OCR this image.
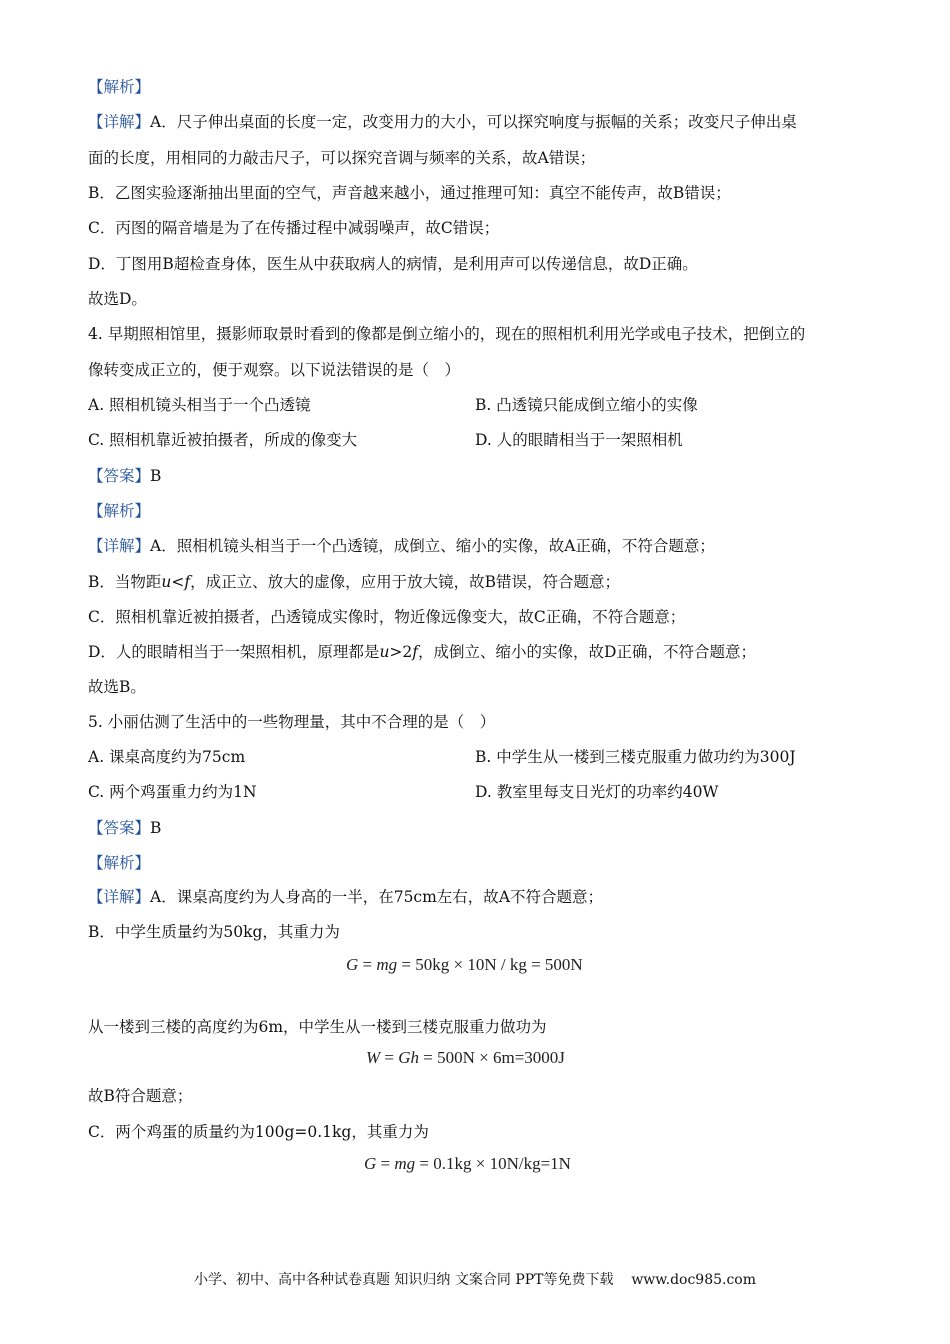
【解析】
【详解】A．尺子伸出桌面的长度一定，改变用力的大小，可以探究响度与振幅的关系；改变尺子伸出桌
面的长度，用相同的力敲击尺子，可以探究音调与频率的关系，故A错误；
B．乙图实验逐渐抽出里面的空气，声音越来越小，通过推理可知：真空不能传声，故B错误；
C．丙图的隔音墙是为了在传播过程中减弱噪声，故C错误；
D．丁图用B超检查身体，医生从中获取病人的病情，是利用声可以传递信息，故D正确。
故选D。
4. 早期照相馆里，摄影师取景时看到的像都是倒立缩小的，现在的照相机利用光学或电子技术，把倒立的
像转变成正立的，便于观察。以下说法错误的是（　）
A. 照相机镜头相当于一个凸透镜	B. 凸透镜只能成倒立缩小的实像
C. 照相机靠近被拍摄者，所成的像变大	D. 人的眼睛相当于一架照相机
【答案】B
【解析】
【详解】A．照相机镜头相当于一个凸透镜，成倒立、缩小的实像，故A正确，不符合题意；
B．当物距u<f，成正立、放大的虚像，应用于放大镜，故B错误，符合题意；
C．照相机靠近被拍摄者，凸透镜成实像时，物近像远像变大，故C正确，不符合题意；
D．人的眼睛相当于一架照相机，原理都是u>2f，成倒立、缩小的实像，故D正确，不符合题意；
故选B。
5. 小丽估测了生活中的一些物理量，其中不合理的是（　）
A. 课桌高度约为75cm	B. 中学生从一楼到三楼克服重力做功约为300J
C. 两个鸡蛋重力约为1N	D. 教室里每支日光灯的功率约40W
【答案】B
【解析】
【详解】A．课桌高度约为人身高的一半，在75cm左右，故A不符合题意；
B．中学生质量约为50kg，其重力为
G = mg = 50kg × 10N / kg = 500N
从一楼到三楼的高度约为6m，中学生从一楼到三楼克服重力做功为
W = Gh = 500N × 6m=3000J
故B符合题意；
C．两个鸡蛋的质量约为100g=0.1kg，其重力为
G = mg = 0.1kg × 10N/kg=1N
小学、初中、高中各种试卷真题 知识归纳 文案合同 PPT等免费下载 www.doc985.com
